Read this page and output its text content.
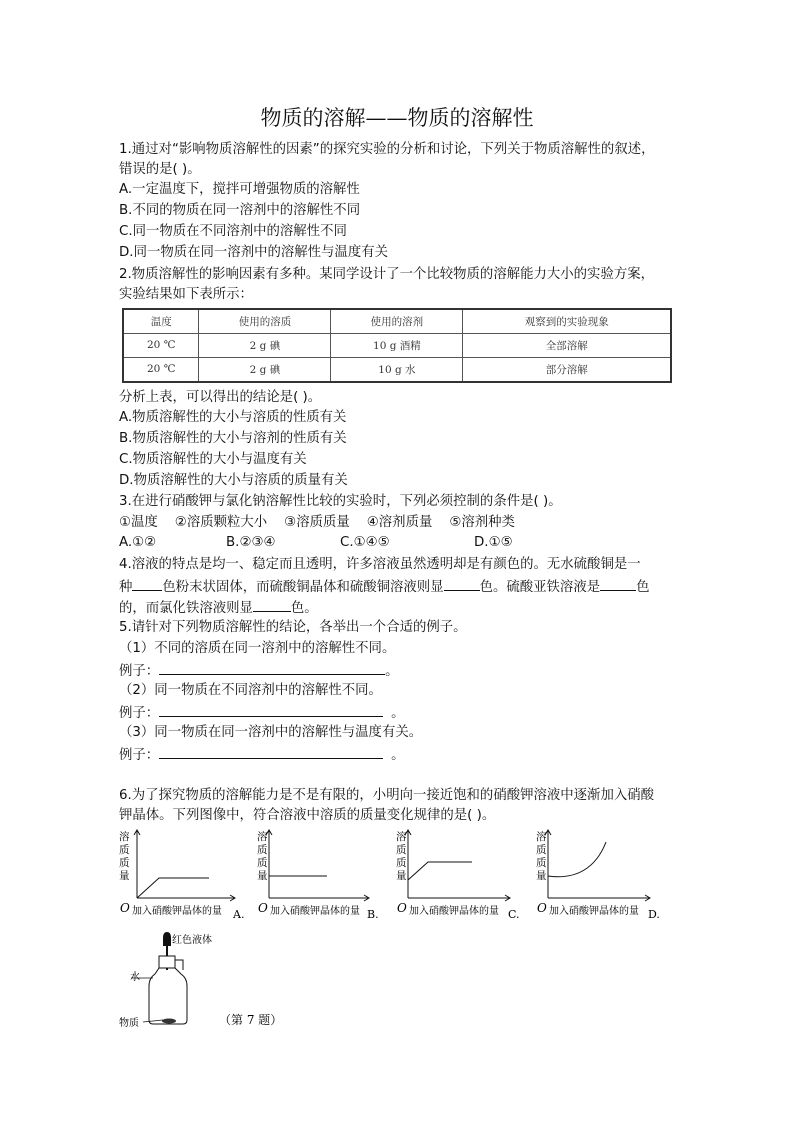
物质的溶解——物质的溶解性
1.通过对“影响物质溶解性的因素”的探究实验的分析和讨论，下列关于物质溶解性的叙述，
错误的是( )。
A.一定温度下，搅拌可增强物质的溶解性
B.不同的物质在同一溶剂中的溶解性不同
C.同一物质在不同溶剂中的溶解性不同
D.同一物质在同一溶剂中的溶解性与温度有关
2.物质溶解性的影响因素有多种。某同学设计了一个比较物质的溶解能力大小的实验方案，
实验结果如下表所示：
温度	使用的溶质	使用的溶剂	观察到的实验现象
20 ℃	2 g 碘	10 g 酒精	全部溶解
20 ℃	2 g 碘	10 g 水	部分溶解
分析上表，可以得出的结论是( )。
A.物质溶解性的大小与溶质的性质有关
B.物质溶解性的大小与溶剂的性质有关
C.物质溶解性的大小与温度有关
D.物质溶解性的大小与溶质的质量有关
3.在进行硝酸钾与氯化钠溶解性比较的实验时，下列必须控制的条件是( )。
①温度    ②溶质颗粒大小    ③溶质质量    ④溶剂质量    ⑤溶剂种类
A.①②	B.②③④	C.①④⑤	D.①⑤
4.溶液的特点是均一、稳定而且透明，许多溶液虽然透明却是有颜色的。无水硫酸铜是一
种 色粉末状固体，而硫酸铜晶体和硫酸铜溶液则显	色。硫酸亚铁溶液是	色
的，而氯化铁溶液则显	色。
5.请针对下列物质溶解性的结论，各举出一个合适的例子。
（1）不同的溶质在同一溶剂中的溶解性不同。
例子：	。
（2）同一物质在不同溶剂中的溶解性不同。
例子：	。
（3）同一物质在同一溶剂中的溶解性与温度有关。
例子：	。
6.为了探究物质的溶解能力是不是有限的，小明向一接近饱和的硝酸钾溶液中逐渐加入硝酸
钾晶体。下列图像中，符合溶液中溶质的质量变化规律的是( )。
溶
质
质
量
O 加入硝酸钾晶体的量 A.
溶
质
质
量
O 加入硝酸钾晶体的量 B.
溶
质
质
量
O 加入硝酸钾晶体的量 C.
溶
质
质
量
O 加入硝酸钾晶体的量 D.
红色液体
水
物质	（第 7 题）
